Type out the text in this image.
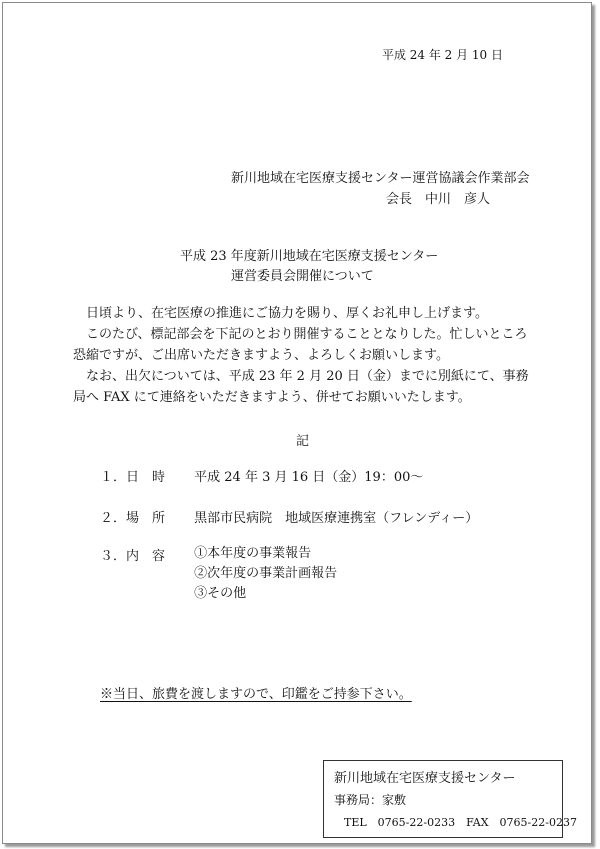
平成 24 年 2 月 10 日
新川地域在宅医療支援センター運営協議会作業部会
会長　中川　彦人
平成 23 年度新川地域在宅医療支援センター
運営委員会開催について

日頃より、在宅医療の推進にご協力を賜り、厚くお礼申し上げます。

このたび、標記部会を下記のとおり開催することとなりした。忙しいところ恐縮ですが、ご出席いただきますよう、よろしくお願いします。

なお、出欠については、平成 23 年 2 月 20 日（金）までに別紙にて、事務局へ FAX にて連絡をいただきますよう、併せてお願いいたします。

記
１．日　時 平成 24 年 3 月 16 日（金）19：00～
２．場　所 黒部市民病院　地域医療連携室（フレンディー）
３．内　容 ①本年度の事業報告
②次年度の事業計画報告
③その他
※当日、旅費を渡しますので、印鑑をご持参下さい。
新川地域在宅医療支援センター
事務局：家敷
TEL　0765-22-0233　FAX　0765-22-0237
